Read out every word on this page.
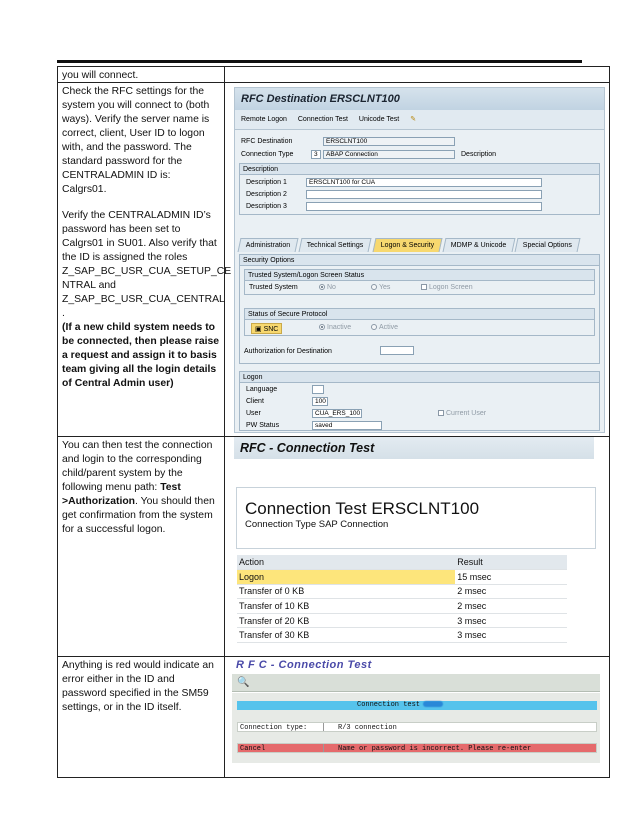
you will connect.
Check the RFC settings for the system you will connect to (both ways). Verify the server name is correct, client, User ID to logon with, and the password. The standard password for the CENTRALADMIN ID is:
Calgrs01.
Verify the CENTRALADMIN ID’s password has been set to Calgrs01 in SU01. Also verify that the ID is assigned the roles Z_SAP_BC_USR_CUA_SETUP_CE NTRAL and Z_SAP_BC_USR_CUA_CENTRAL
.
(If a new child system needs to be connected, then please raise a request and assign it to basis team giving all the login details of Central Admin user)
RFC Destination ERSCLNT100
Remote Logon Connection Test Unicode Test ✎
RFC Destination	ERSCLNT100
Connection Type	3	ABAP Connection	Description
Description
Description 1	ERSCLNT100 for CUA
Description 2
Description 3
Administration Technical Settings Logon & Security MDMP & Unicode Special Options
Security Options
Trusted System/Logon Screen Status
Trusted System	No	Yes	Logon Screen
Status of Secure Protocol
▣ SNC	Inactive	Active
Authorization for Destination
Logon
Language
Client	100
User	CUA_ERS_100	Current User
PW Status	saved
You can then test the connection and login to the corresponding child/parent system by the following menu path: Test >Authorization. You should then get confirmation from the system for a successful logon.
RFC - Connection Test
Connection Test ERSCLNT100
Connection Type SAP Connection
Action	Result
Logon	15 msec
Transfer of 0 KB	2 msec
Transfer of 10 KB	2 msec
Transfer of 20 KB	3 msec
Transfer of 30 KB	3 msec
Anything is red would indicate an error either in the ID and password specified in the SM59 settings, or in the ID itself.
R F C - Connection Test
🔍
Connection test
Connection type:	R/3 connection
Cancel	Name or password is incorrect. Please re-enter
